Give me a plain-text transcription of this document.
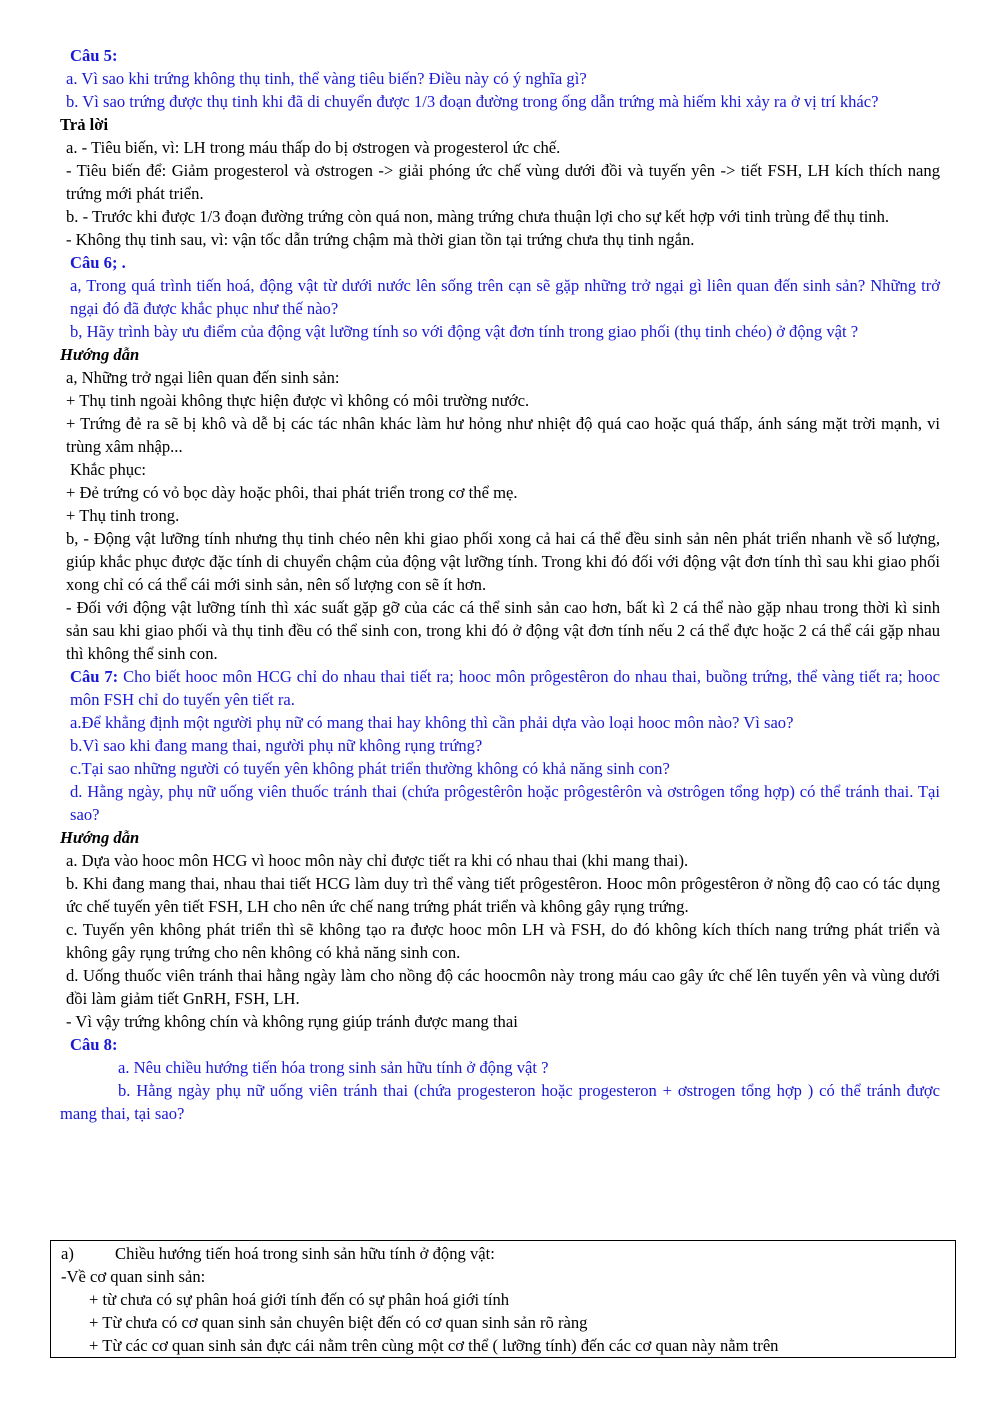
Câu 5:

a. Vì sao khi trứng không thụ tinh, thể vàng tiêu biến? Điều này có ý nghĩa gì?

b. Vì sao trứng được thụ tinh khi đã di chuyển được 1/3 đoạn đường trong ống dẫn trứng mà hiếm khi xảy ra ở vị trí khác?

Trả lời

a. - Tiêu biến, vì: LH trong máu thấp do bị ơstrogen và progesterol ức chế.

- Tiêu biến để: Giảm progesterol và ơstrogen -> giải phóng ức chế vùng dưới đồi và tuyến yên -> tiết FSH, LH kích thích nang trứng mới phát triển.

b. - Trước khi được 1/3 đoạn đường trứng còn quá non, màng trứng chưa thuận lợi cho sự kết hợp với tinh trùng để thụ tinh.

- Không thụ tinh sau, vì: vận tốc dẫn trứng chậm mà thời gian tồn tại trứng chưa thụ tinh ngắn.

Câu 6; .

a, Trong quá trình tiến hoá, động vật từ dưới nước lên sống trên cạn sẽ gặp những trở ngại gì liên quan đến sinh sản? Những trở ngại đó đã được khắc phục như thế nào?

b, Hãy trình bày ưu điểm của động vật lưỡng tính so với động vật đơn tính trong giao phối (thụ tinh chéo) ở động vật ?

Hướng dẫn

a, Những trở ngại liên quan đến sinh sản:

+ Thụ tinh ngoài không thực hiện được vì không có môi trường nước.

+ Trứng đẻ ra sẽ bị khô và dễ bị các tác nhân khác làm hư hỏng như nhiệt độ quá cao hoặc quá thấp, ánh sáng mặt trời mạnh, vi trùng xâm nhập...

Khắc phục:

+ Đẻ trứng có vỏ bọc dày hoặc phôi, thai phát triển trong cơ thể mẹ.

+ Thụ tinh trong.

b, - Động vật lưỡng tính nhưng thụ tinh chéo nên khi giao phối xong cả hai cá thể đều sinh sản nên phát triển nhanh về số lượng, giúp khắc phục được đặc tính di chuyển chậm của động vật lưỡng tính. Trong khi đó đối với động vật đơn tính thì sau khi giao phối xong chỉ có cá thể cái mới sinh sản, nên số lượng con sẽ ít hơn.

- Đối với động vật lưỡng tính thì xác suất gặp gỡ của các cá thể sinh sản cao hơn, bất kì 2 cá thể nào gặp nhau trong thời kì sinh sản sau khi giao phối và thụ tinh đều có thể sinh con, trong khi đó ở động vật đơn tính nếu 2 cá thể đực hoặc 2 cá thể cái gặp nhau thì không thể sinh con.

Câu 7: Cho biết hooc môn HCG chỉ do nhau thai tiết ra; hooc môn prôgestêron do nhau thai, buồng trứng, thể vàng tiết ra; hooc môn FSH chỉ do tuyến yên tiết ra.

a.Để khẳng định một người phụ nữ có mang thai hay không thì cần phải dựa vào loại hooc môn nào? Vì sao?

b.Vì sao khi đang mang thai, người phụ nữ không rụng trứng?

c.Tại sao những người có tuyến yên không phát triển thường không có khả năng sinh con?

d. Hằng ngày, phụ nữ uống viên thuốc tránh thai (chứa prôgestêrôn hoặc prôgestêrôn và ơstrôgen tổng hợp) có thể tránh thai. Tại sao?

Hướng dẫn

a. Dựa vào hooc môn HCG vì hooc môn này chỉ được tiết ra khi có nhau thai (khi mang thai).

b. Khi đang mang thai, nhau thai tiết HCG làm duy trì thể vàng tiết prôgestêron. Hooc môn prôgestêron ở nồng độ cao có tác dụng ức chế tuyến yên tiết FSH, LH cho nên ức chế nang trứng phát triển và không gây rụng trứng.

c. Tuyến yên không phát triển thì sẽ không tạo ra được hooc môn LH và FSH, do đó không kích thích nang trứng phát triển và không gây rụng trứng cho nên không có khả năng sinh con.

d. Uống thuốc viên tránh thai hằng ngày làm cho nồng độ các hoocmôn này trong máu cao gây ức chế lên tuyến yên và vùng dưới đồi làm giảm tiết GnRH, FSH, LH.

- Vì vậy trứng không chín và không rụng giúp tránh được mang thai

Câu 8:

a. Nêu chiều hướng tiến hóa trong sinh sản hữu tính ở động vật ?

b. Hằng ngày phụ nữ uống viên tránh thai (chứa progesteron hoặc progesteron + ơstrogen tổng hợp ) có thể tránh được mang thai, tại sao?

a) Chiều hướng tiến hoá trong sinh sản hữu tính ở động vật:

-Về cơ quan sinh sản:

+ từ chưa có sự phân hoá giới tính đến có sự phân hoá giới tính

+ Từ chưa có cơ quan sinh sản chuyên biệt đến có cơ quan sinh sản rõ ràng

+ Từ các cơ quan sinh sản đực cái nằm trên cùng một cơ thể ( lưỡng tính) đến các cơ quan này nằm trên
